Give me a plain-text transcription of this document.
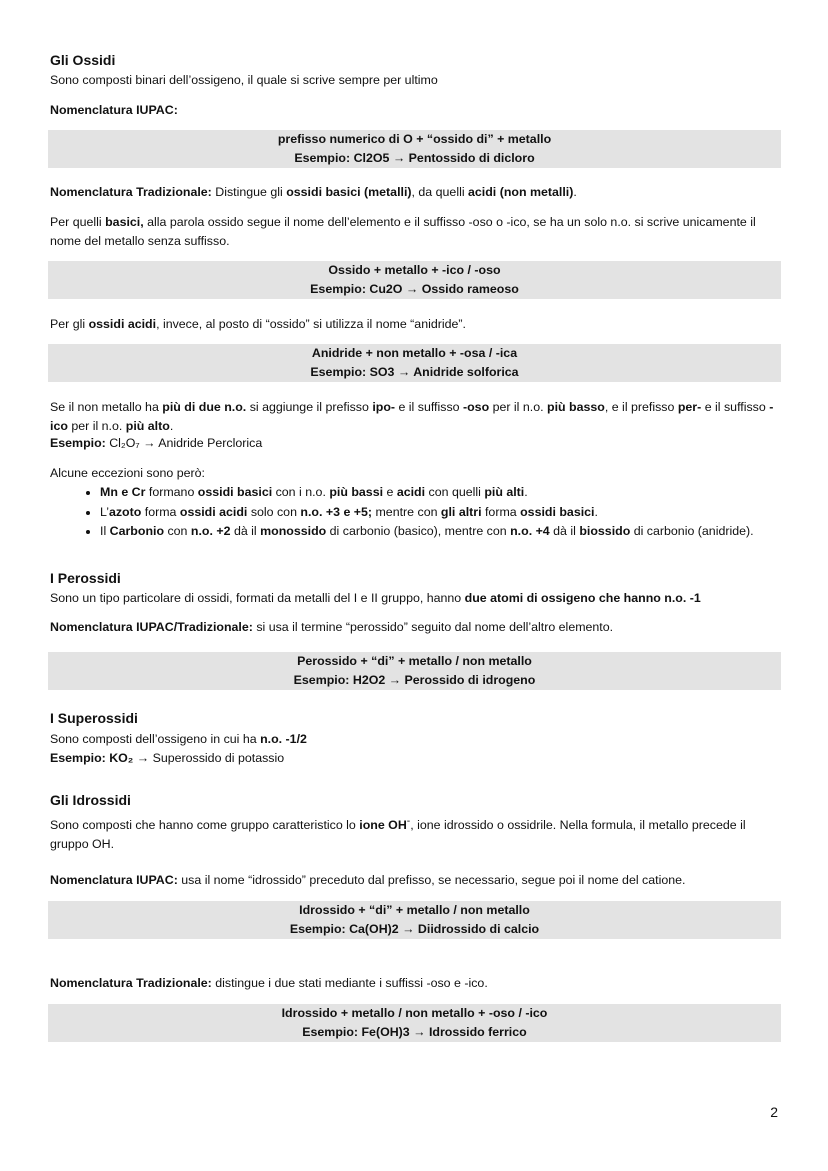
Gli Ossidi

Sono composti binari dell’ossigeno, il quale si scrive sempre per ultimo

Nomenclatura IUPAC:

prefisso numerico di O + “ossido di” + metallo
Esempio: Cl2O5 → Pentossido di dicloro

Nomenclatura Tradizionale: Distingue gli ossidi basici (metalli), da quelli acidi (non metalli).

Per quelli basici, alla parola ossido segue il nome dell’elemento e il suffisso -oso o -ico, se ha un solo n.o. si scrive unicamente il nome del metallo senza suffisso.

Ossido + metallo + -ico / -oso
Esempio: Cu2O → Ossido rameoso

Per gli ossidi acidi, invece, al posto di “ossido” si utilizza il nome “anidride”.

Anidride + non metallo + -osa / -ica
Esempio: SO3 → Anidride solforica

Se il non metallo ha più di due n.o. si aggiunge il prefisso ipo- e il suffisso -oso per il n.o. più basso, e il prefisso per- e il suffisso -ico per il n.o. più alto.

Esempio: Cl₂O₇ → Anidride Perclorica

Alcune eccezioni sono però:

• Mn e Cr formano ossidi basici con i n.o. più bassi e acidi con quelli più alti.
• L’azoto forma ossidi acidi solo con n.o. +3 e +5; mentre con gli altri forma ossidi basici.
• Il Carbonio con n.o. +2 dà il monossido di carbonio (basico), mentre con n.o. +4 dà il biossido di carbonio (anidride).
I Perossidi

Sono un tipo particolare di ossidi, formati da metalli del I e II gruppo, hanno due atomi di ossigeno che hanno n.o. -1

Nomenclatura IUPAC/Tradizionale: si usa il termine “perossido” seguito dal nome dell’altro elemento.

Perossido + “di” + metallo / non metallo
Esempio: H2O2 → Perossido di idrogeno
I Superossidi

Sono composti dell’ossigeno in cui ha n.o. -1/2

Esempio: KO₂ → Superossido di potassio

Gli Idrossidi

Sono composti che hanno come gruppo caratteristico lo ione OH-, ione idrossido o ossidrile. Nella formula, il metallo precede il gruppo OH.

Nomenclatura IUPAC: usa il nome “idrossido” preceduto dal prefisso, se necessario, segue poi il nome del catione.

Idrossido + “di” + metallo / non metallo
Esempio: Ca(OH)2 → Diidrossido di calcio

Nomenclatura Tradizionale: distingue i due stati mediante i suffissi -oso e -ico.

Idrossido + metallo / non metallo + -oso / -ico
Esempio: Fe(OH)3 → Idrossido ferrico
2
